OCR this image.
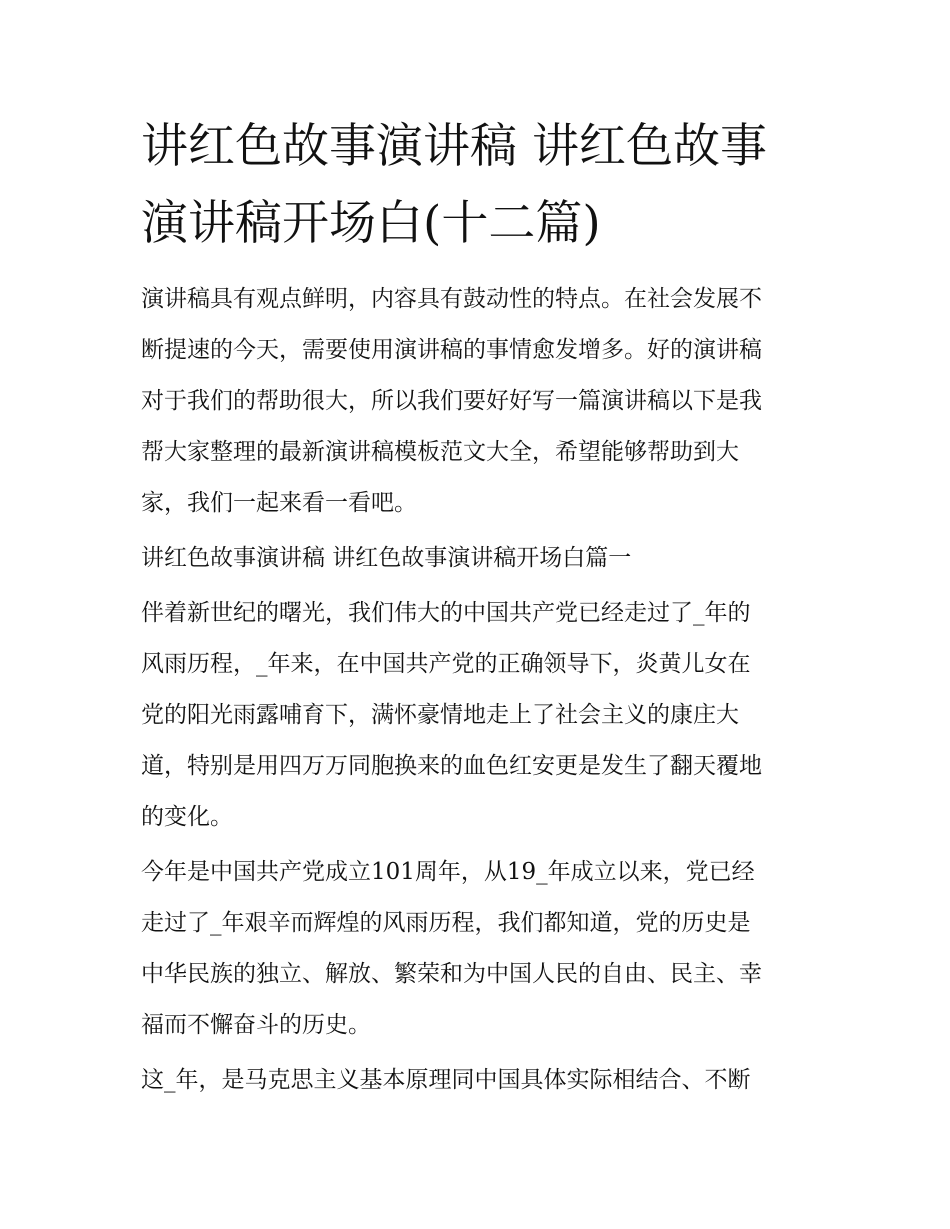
讲红色故事演讲稿 讲红色故事
演讲稿开场白(十二篇)

演讲稿具有观点鲜明，内容具有鼓动性的特点。在社会发展不
断提速的今天，需要使用演讲稿的事情愈发增多。好的演讲稿
对于我们的帮助很大，所以我们要好好写一篇演讲稿以下是我
帮大家整理的最新演讲稿模板范文大全，希望能够帮助到大
家，我们一起来看一看吧。

讲红色故事演讲稿 讲红色故事演讲稿开场白篇一

伴着新世纪的曙光，我们伟大的中国共产党已经走过了_年的
风雨历程，_年来，在中国共产党的正确领导下，炎黄儿女在
党的阳光雨露哺育下，满怀豪情地走上了社会主义的康庄大
道，特别是用四万万同胞换来的血色红安更是发生了翻天覆地
的变化。

今年是中国共产党成立101周年，从19_年成立以来，党已经
走过了_年艰辛而辉煌的风雨历程，我们都知道，党的历史是
中华民族的独立、解放、繁荣和为中国人民的自由、民主、幸
福而不懈奋斗的历史。

这_年，是马克思主义基本原理同中国具体实际相结合、不断
